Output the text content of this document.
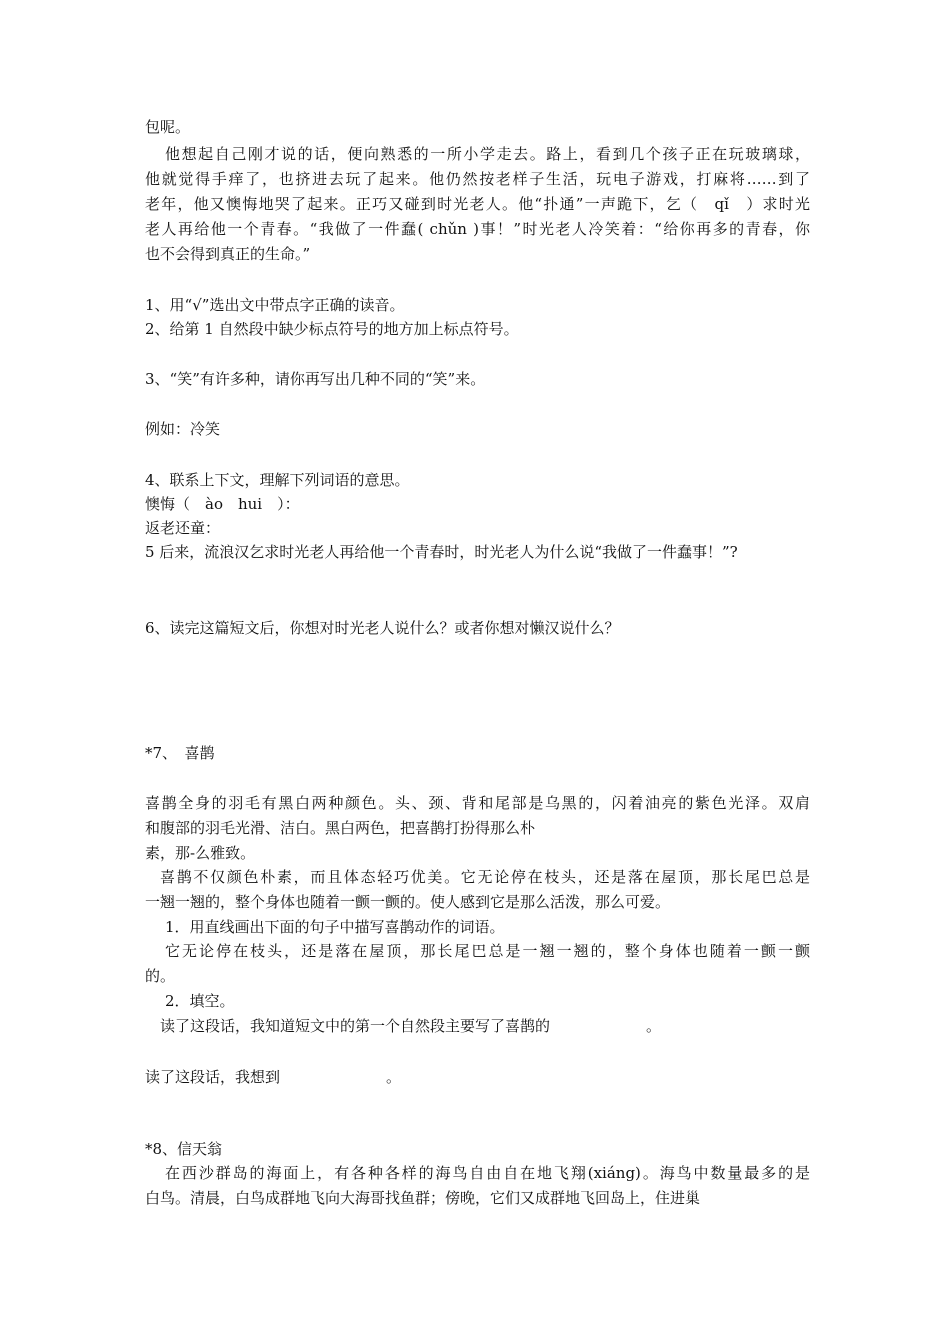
包呢。
他想起自己刚才说的话，便向熟悉的一所小学走去。路上，看到几个孩子正在玩玻璃球，
他就觉得手痒了，也挤进去玩了起来。他仍然按老样子生活，玩电子游戏，打麻将……到了
老年，他又懊悔地哭了起来。正巧又碰到时光老人。他“扑通”一声跪下，乞（　qǐ　）求时光
老人再给他一个青春。“我做了一件蠢( chǔn )事！”时光老人冷笑着：“给你再多的青春，你
也不会得到真正的生命。”
1、用“√”选出文中带点字正确的读音。
2、给第 1 自然段中缺少标点符号的地方加上标点符号。
3、“笑”有许多种，请你再写出几种不同的“笑”来。
例如：冷笑
4、联系上下文，理解下列词语的意思。
懊悔（　ào　hui　）：
返老还童：
5 后来，流浪汉乞求时光老人再给他一个青春时，时光老人为什么说“我做了一件蠢事！”?
6、读完这篇短文后，你想对时光老人说什么？或者你想对懒汉说什么？
*7、　喜鹊
喜鹊全身的羽毛有黑白两种颜色。头、颈、背和尾部是乌黑的，闪着油亮的紫色光泽。双肩
和腹部的羽毛光滑、洁白。黑白两色，把喜鹊打扮得那么朴
素，那-么雅致。
喜鹊不仅颜色朴素，而且体态轻巧优美。它无论停在枝头，还是落在屋顶，那长尾巴总是
一翘一翘的，整个身体也随着一颤一颤的。使人感到它是那么活泼，那么可爱。
1．用直线画出下面的句子中描写喜鹊动作的词语。
它无论停在枝头，还是落在屋顶，那长尾巴总是一翘一翘的，整个身体也随着一颤一颤
的。
2．填空。
读了这段话，我知道短文中的第一个自然段主要写了喜鹊的	。
读了这段话，我想到	。
*8、信天翁
在西沙群岛的海面上，有各种各样的海鸟自由自在地飞翔(xiáng)。海鸟中数量最多的是
白鸟。清晨，白鸟成群地飞向大海哥找鱼群；傍晚，它们又成群地飞回岛上，住进巢
